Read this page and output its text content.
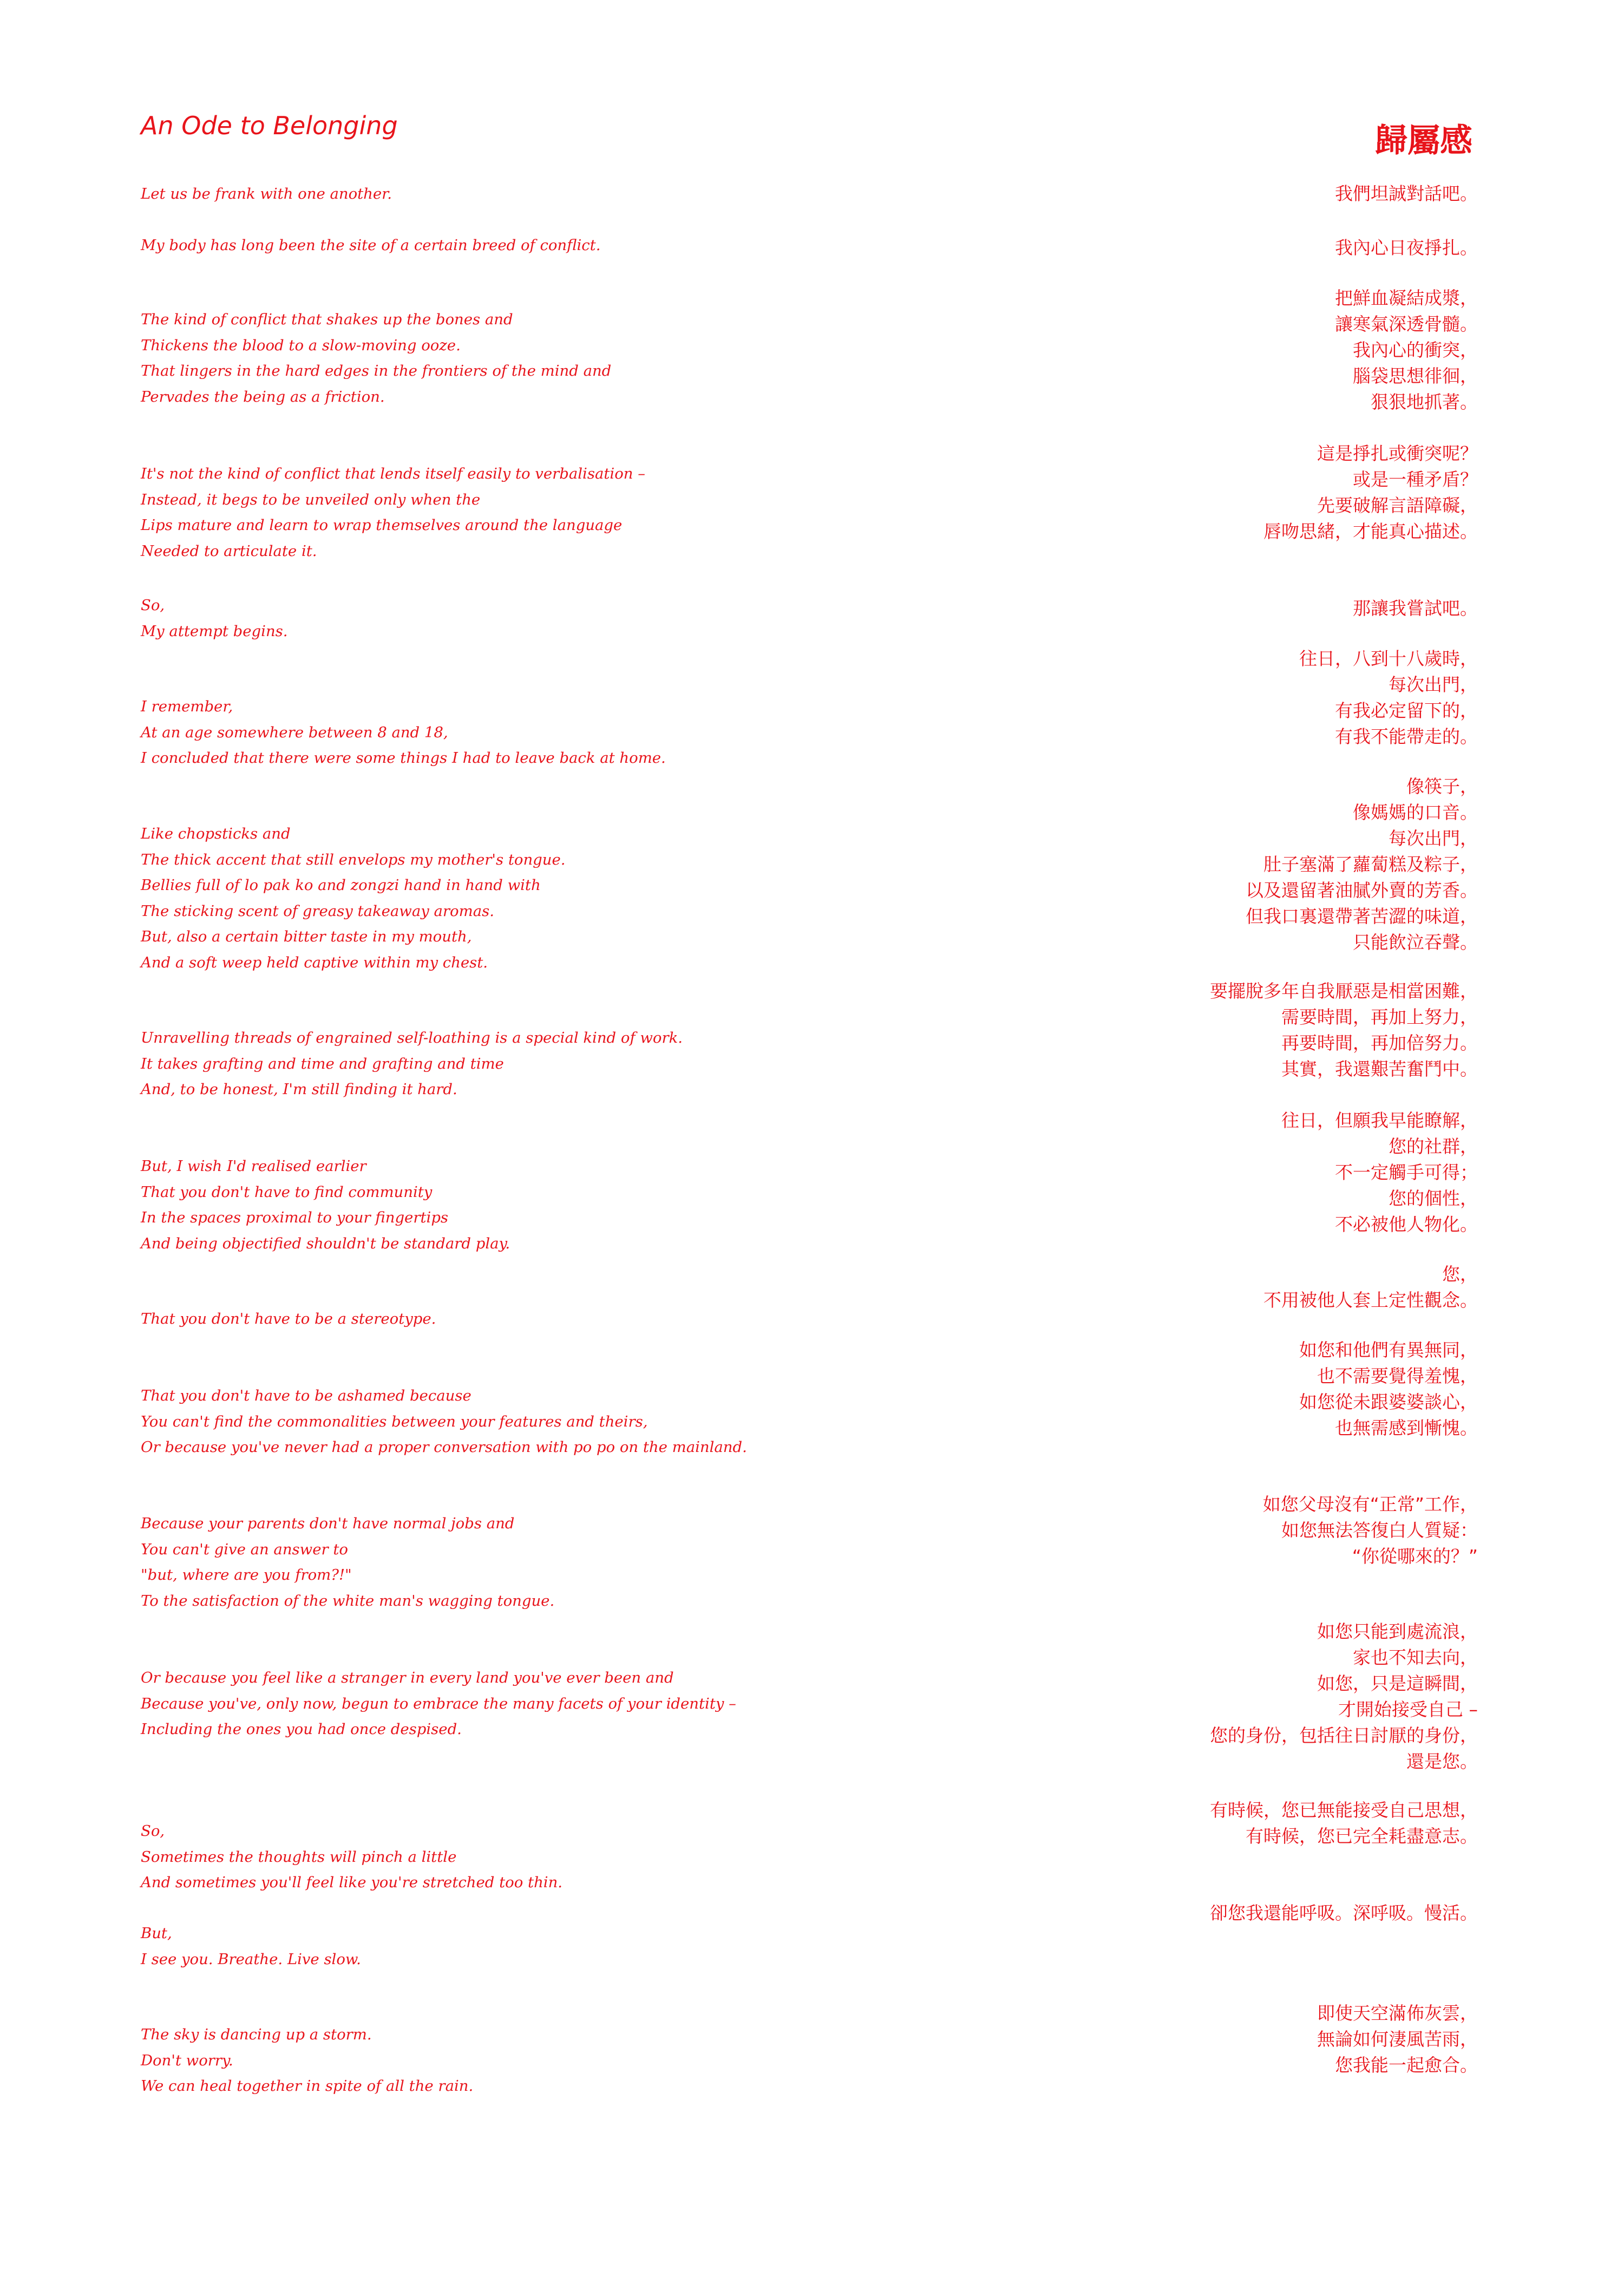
An Ode to Belonging	歸屬感
Let us be frank with one another.
My body has long been the site of a certain breed of conflict.
The kind of conflict that shakes up the bones and
Thickens the blood to a slow-moving ooze.
That lingers in the hard edges in the frontiers of the mind and
Pervades the being as a friction.
It's not the kind of conflict that lends itself easily to verbalisation –
Instead, it begs to be unveiled only when the
Lips mature and learn to wrap themselves around the language
Needed to articulate it.
So,
My attempt begins.
I remember,
At an age somewhere between 8 and 18,
I concluded that there were some things I had to leave back at home.
Like chopsticks and
The thick accent that still envelops my mother's tongue.
Bellies full of lo pak ko and zongzi hand in hand with
The sticking scent of greasy takeaway aromas.
But, also a certain bitter taste in my mouth,
And a soft weep held captive within my chest.
Unravelling threads of engrained self-loathing is a special kind of work.
It takes grafting and time and grafting and time
And, to be honest, I'm still finding it hard.
But, I wish I'd realised earlier
That you don't have to find community
In the spaces proximal to your fingertips
And being objectified shouldn't be standard play.
That you don't have to be a stereotype.
That you don't have to be ashamed because
You can't find the commonalities between your features and theirs,
Or because you've never had a proper conversation with po po on the mainland.
Because your parents don't have normal jobs and
You can't give an answer to
"but, where are you from?!"
To the satisfaction of the white man's wagging tongue.
Or because you feel like a stranger in every land you've ever been and
Because you've, only now, begun to embrace the many facets of your identity –
Including the ones you had once despised.
So,
Sometimes the thoughts will pinch a little
And sometimes you'll feel like you're stretched too thin.
But,
I see you. Breathe. Live slow.
The sky is dancing up a storm.
Don't worry.
We can heal together in spite of all the rain.
我們坦誠對話吧。
我內心日夜掙扎。
把鮮血凝結成漿，
讓寒氣深透骨髓。
我內心的衝突，
腦袋思想徘徊，
狠狠地抓著。
這是掙扎或衝突呢？
或是一種矛盾？
先要破解言語障礙，
唇吻思緒，才能真心描述。
那讓我嘗試吧。
往日，八到十八歲時，
每次出門，
有我必定留下的，
有我不能帶走的。
像筷子，
像媽媽的口音。
每次出門，
肚子塞滿了蘿蔔糕及粽子，
以及還留著油膩外賣的芳香。
但我口裏還帶著苦澀的味道，
只能飲泣吞聲。
要擺脫多年自我厭惡是相當困難，
需要時間，再加上努力，
再要時間，再加倍努力。
其實，我還艱苦奮鬥中。
往日，但願我早能瞭解，
您的社群，
不一定觸手可得；
您的個性，
不必被他人物化。
您，
不用被他人套上定性觀念。
如您和他們有異無同，
也不需要覺得羞愧，
如您從未跟婆婆談心，
也無需感到慚愧。
如您父母沒有“正常”工作，
如您無法答復白人質疑：
“你從哪來的？”
如您只能到處流浪，
家也不知去向，
如您，只是這瞬間，
才開始接受自己 –
您的身份，包括往日討厭的身份，
還是您。
有時候，您已無能接受自己思想，
有時候，您已完全耗盡意志。
卻您我還能呼吸。深呼吸。慢活。
即使天空滿佈灰雲，
無論如何淒風苦雨，
您我能一起愈合。
